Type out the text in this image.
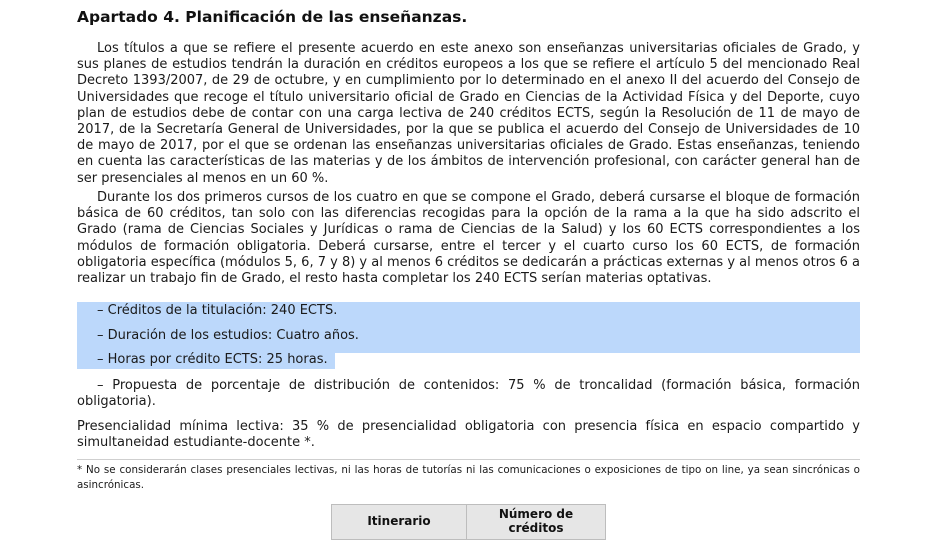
Apartado 4. Planificación de las enseñanzas.

Los títulos a que se refiere el presente acuerdo en este anexo son enseñanzas universitarias oficiales de Grado, y sus planes de estudios tendrán la duración en créditos europeos a los que se refiere el artículo 5 del mencionado Real Decreto 1393/2007, de 29 de octubre, y en cumplimiento por lo determinado en el anexo II del acuerdo del Consejo de Universidades que recoge el título universitario oficial de Grado en Ciencias de la Actividad Física y del Deporte, cuyo plan de estudios debe de contar con una carga lectiva de 240 créditos ECTS, según la Resolución de 11 de mayo de 2017, de la Secretaría General de Universidades, por la que se publica el acuerdo del Consejo de Universidades de 10 de mayo de 2017, por el que se ordenan las enseñanzas universitarias oficiales de Grado. Estas enseñanzas, teniendo en cuenta las características de las materias y de los ámbitos de intervención profesional, con carácter general han de ser presenciales al menos en un 60 %.

Durante los dos primeros cursos de los cuatro en que se compone el Grado, deberá cursarse el bloque de formación básica de 60 créditos, tan solo con las diferencias recogidas para la opción de la rama a la que ha sido adscrito el Grado (rama de Ciencias Sociales y Jurídicas o rama de Ciencias de la Salud) y los 60 ECTS correspondientes a los módulos de formación obligatoria. Deberá cursarse, entre el tercer y el cuarto curso los 60 ECTS, de formación obligatoria específica (módulos 5, 6, 7 y 8) y al menos 6 créditos se dedicarán a prácticas externas y al menos otros 6 a realizar un trabajo fin de Grado, el resto hasta completar los 240 ECTS serían materias optativas.

– Créditos de la titulación: 240 ECTS.

– Duración de los estudios: Cuatro años.

– Horas por crédito ECTS: 25 horas.

– Propuesta de porcentaje de distribución de contenidos: 75 % de troncalidad (formación básica, formación obligatoria).

Presencialidad mínima lectiva: 35 % de presencialidad obligatoria con presencia física en espacio compartido y simultaneidad estudiante-docente *.

* No se considerarán clases presenciales lectivas, ni las horas de tutorías ni las comunicaciones o exposiciones de tipo on line, ya sean sincrónicas o asincrónicas.

Itinerario	Número de créditos
